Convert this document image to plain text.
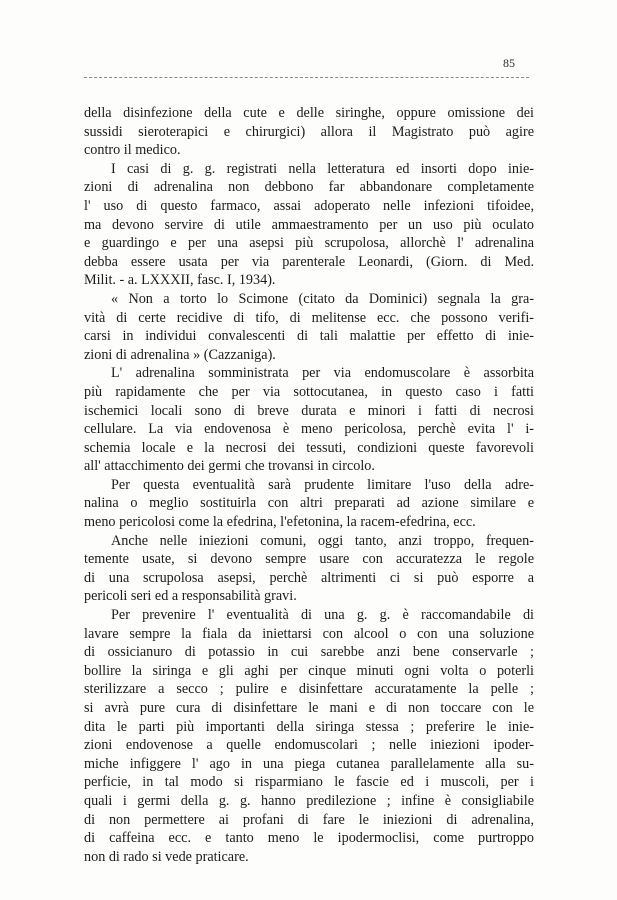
85

della disinfezione della cute e delle siringhe, oppure omissione dei
sussidi sieroterapici e chirurgici) allora il Magistrato può agire
contro il medico.

I casi di g. g. registrati nella letteratura ed insorti dopo inie-
zioni di adrenalina non debbono far abbandonare completamente
l' uso di questo farmaco, assai adoperato nelle infezioni tifoidee,
ma devono servire di utile ammaestramento per un uso più oculato
e guardingo e per una asepsi più scrupolosa, allorchè l' adrenalina
debba essere usata per via parenterale Leonardi, (Giorn. di Med.
Milit. - a. LXXXII, fasc. I, 1934).

« Non a torto lo Scimone (citato da Dominici) segnala la gra-
vità di certe recidive di tifo, di melitense ecc. che possono verifi-
carsi in individui convalescenti di tali malattie per effetto di inie-
zioni di adrenalina » (Cazzaniga).

L' adrenalina somministrata per via endomuscolare è assorbita
più rapidamente che per via sottocutanea, in questo caso i fatti
ischemici locali sono di breve durata e minori i fatti di necrosi
cellulare. La via endovenosa è meno pericolosa, perchè evita l' i-
schemia locale e la necrosi dei tessuti, condizioni queste favorevoli
all' attacchimento dei germi che trovansi in circolo.

Per questa eventualità sarà prudente limitare l'uso della adre-
nalina o meglio sostituirla con altri preparati ad azione similare e
meno pericolosi come la efedrina, l'efetonina, la racem-efedrina, ecc.

Anche nelle iniezioni comuni, oggi tanto, anzi troppo, frequen-
temente usate, si devono sempre usare con accuratezza le regole
di una scrupolosa asepsi, perchè altrimenti ci si può esporre a
pericoli seri ed a responsabilità gravi.

Per prevenire l' eventualità di una g. g. è raccomandabile di
lavare sempre la fiala da iniettarsi con alcool o con una soluzione
di ossicianuro di potassio in cui sarebbe anzi bene conservarle ;
bollire la siringa e gli aghi per cinque minuti ogni volta o poterli
sterilizzare a secco ; pulire e disinfettare accuratamente la pelle ;
si avrà pure cura di disinfettare le mani e di non toccare con le
dita le parti più importanti della siringa stessa ; preferire le inie-
zioni endovenose a quelle endomuscolari ; nelle iniezioni ipoder-
miche infiggere l' ago in una piega cutanea parallelamente alla su-
perficie, in tal modo si risparmiano le fascie ed i muscoli, per i
quali i germi della g. g. hanno predilezione ; infine è consigliabile
di non permettere ai profani di fare le iniezioni di adrenalina,
di caffeina ecc. e tanto meno le ipodermoclisi, come purtroppo
non di rado si vede praticare.
